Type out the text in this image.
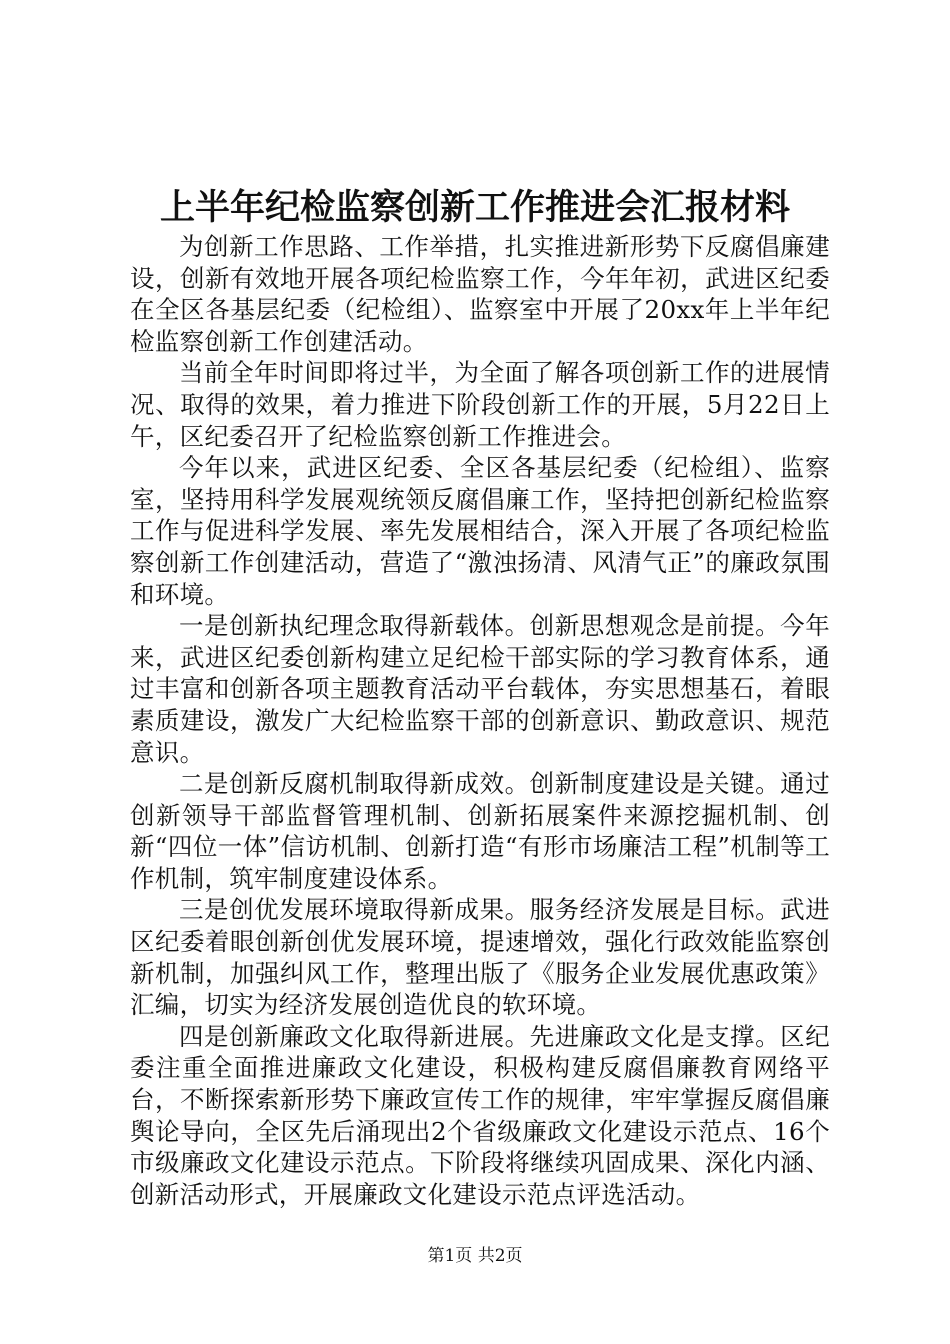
上半年纪检监察创新工作推进会汇报材料

为创新工作思路、工作举措，扎实推进新形势下反腐倡廉建设，创新有效地开展各项纪检监察工作，今年年初，武进区纪委在全区各基层纪委（纪检组）、监察室中开展了20xx年上半年纪检监察创新工作创建活动。

当前全年时间即将过半，为全面了解各项创新工作的进展情况、取得的效果，着力推进下阶段创新工作的开展，5月22日上午，区纪委召开了纪检监察创新工作推进会。

今年以来，武进区纪委、全区各基层纪委（纪检组）、监察室，坚持用科学发展观统领反腐倡廉工作，坚持把创新纪检监察工作与促进科学发展、率先发展相结合，深入开展了各项纪检监察创新工作创建活动，营造了“激浊扬清、风清气正”的廉政氛围和环境。

一是创新执纪理念取得新载体。创新思想观念是前提。今年来，武进区纪委创新构建立足纪检干部实际的学习教育体系，通过丰富和创新各项主题教育活动平台载体，夯实思想基石，着眼素质建设，激发广大纪检监察干部的创新意识、勤政意识、规范意识。

二是创新反腐机制取得新成效。创新制度建设是关键。通过创新领导干部监督管理机制、创新拓展案件来源挖掘机制、创新“四位一体”信访机制、创新打造“有形市场廉洁工程”机制等工作机制，筑牢制度建设体系。

三是创优发展环境取得新成果。服务经济发展是目标。武进区纪委着眼创新创优发展环境，提速增效，强化行政效能监察创新机制，加强纠风工作，整理出版了《服务企业发展优惠政策》汇编，切实为经济发展创造优良的软环境。

四是创新廉政文化取得新进展。先进廉政文化是支撑。区纪委注重全面推进廉政文化建设，积极构建反腐倡廉教育网络平台，不断探索新形势下廉政宣传工作的规律，牢牢掌握反腐倡廉舆论导向，全区先后涌现出2个省级廉政文化建设示范点、16个市级廉政文化建设示范点。下阶段将继续巩固成果、深化内涵、创新活动形式，开展廉政文化建设示范点评选活动。

第1页 共2页
